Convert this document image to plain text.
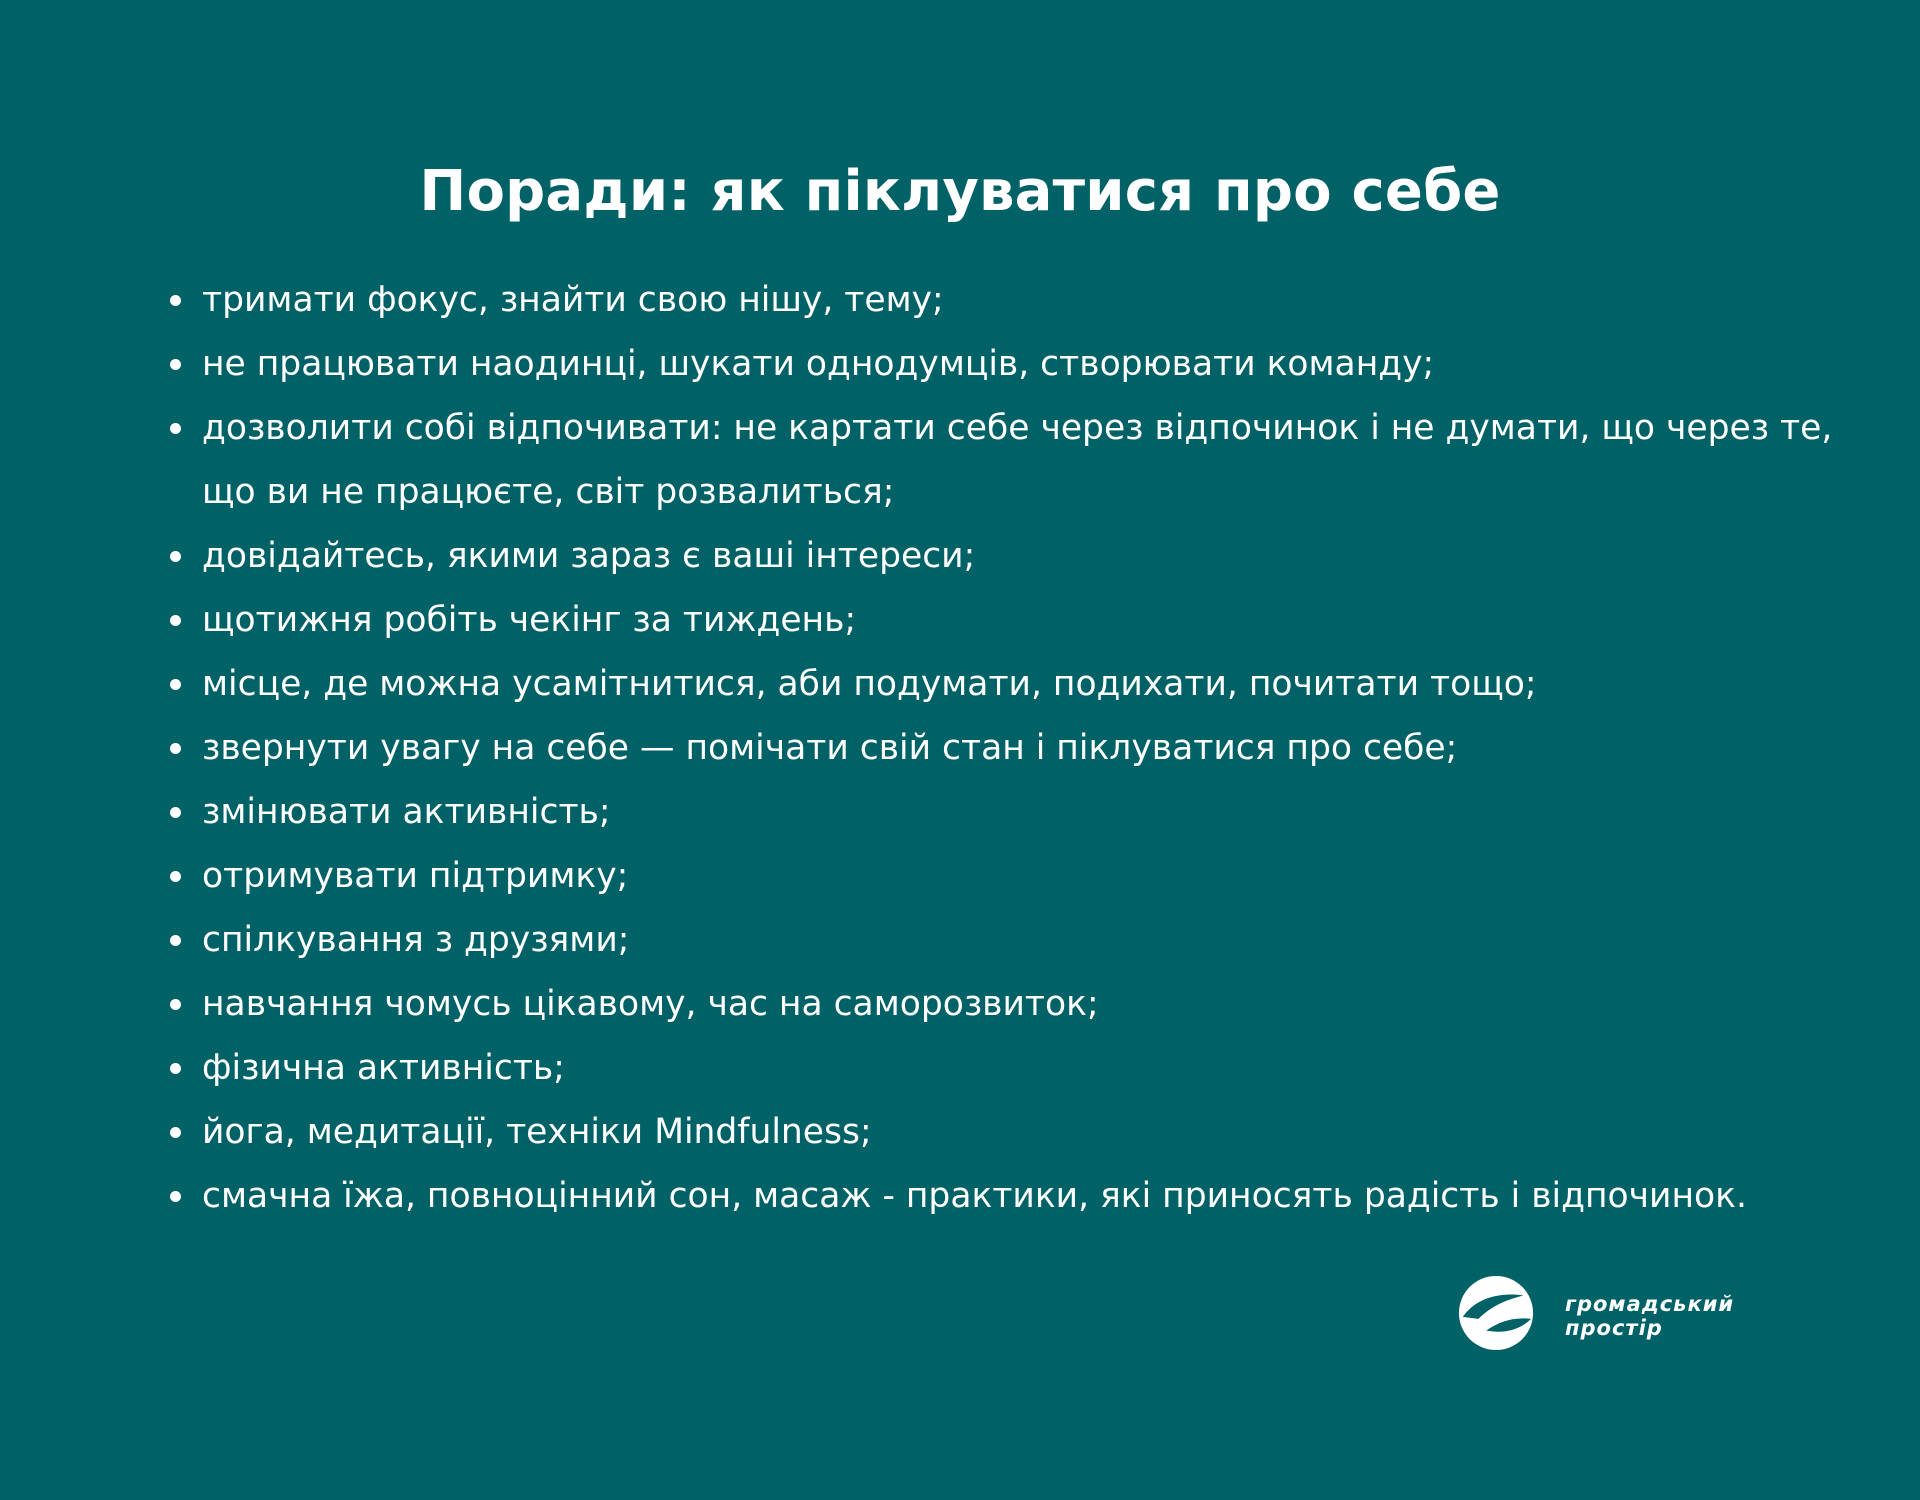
Поради: як піклуватися про себе
тримати фокус, знайти свою нішу, тему;
не працювати наодинці, шукати однодумців, створювати команду;
дозволити собі відпочивати: не картати себе через відпочинок і не думати, що через те, що ви не працюєте, світ розвалиться;
довідайтесь, якими зараз є ваші інтереси;
щотижня робіть чекінг за тиждень;
місце, де можна усамітнитися, аби подумати, подихати, почитати тощо;
звернути увагу на себе — помічати свій стан і піклуватися про себе;
змінювати активність;
отримувати підтримку;
спілкування з друзями;
навчання чомусь цікавому, час на саморозвиток;
фізична активність;
йога, медитації, техніки Mindfulness;
смачна їжа, повноцінний сон, масаж - практики, які приносять радість і відпочинок.
громадський
простір
